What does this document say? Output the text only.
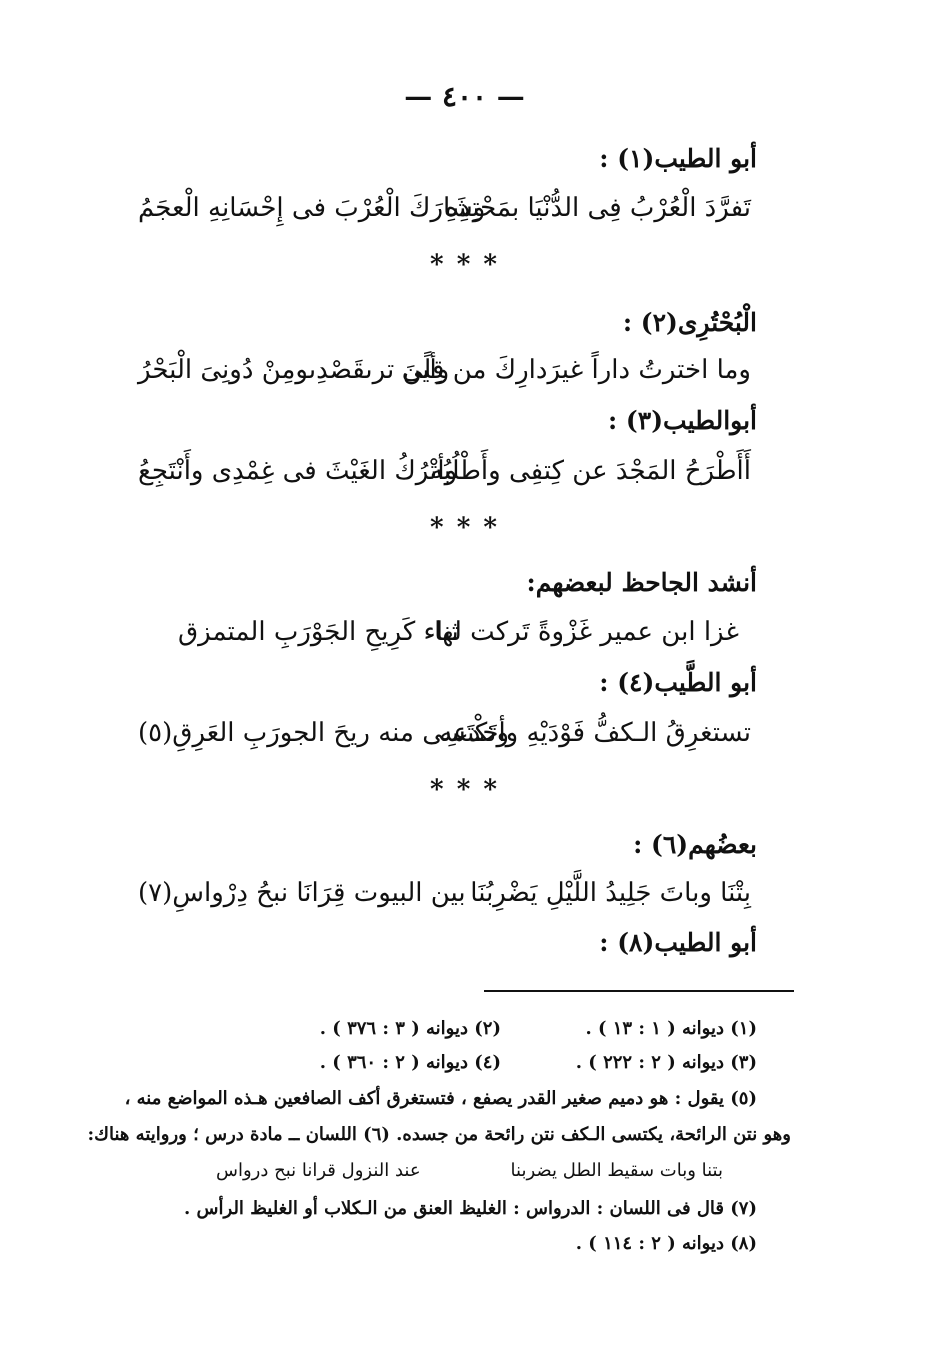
— ٤٠٠ —
أبو الطيب(١) :
تَفرَّدَ الْعُرْبُ فِى الدُّنْيَا بمَحْتِدِهِ
وشَارَكَ الْعُرْبَ فى إِحْسَانِهِ الْعجَمُ
* * *
الْبُحْتُرِى(٢) :
وما اخترتُ داراً غيرَدارِكَ من قِلًى
وأينَ ترىقَصْدِىومِنْ دُونِىَ الْبَحْرُ
أبوالطيب(٣) :
أَأَطْرَحُ المَجْدَ عن كِتفِى وأَطْلُبُه
وأتْرُكُ الغَيْثَ فى غِمْدِى وأَنْتَجِعُ
* * *
أنشد الجاحظ لبعضهم:
غزا ابن عمير غَزْوةً تَركت لها
ثناء كَرِيحِ الجَوْرَبِ المتمزق
أبو الطَّيب(٤) :
تستغرِقُ الـكفُّ فَوْدَيْهِ وأخدعه
وتَكْتَسِى منه ريحَ الجورَبِ العَرِقِ(٥)
* * *
بعضُهم(٦) :
بِتْنَا وباتَ جَلِيدُ اللَّيْلِ يَضْرِبُنَا
بين البيوت قِرَانَا نبحُ دِرْواسِ(٧)
أبو الطيب(٨) :
(١) ديوانه ( ١ : ١٣ ) .
(٢) ديوانه ( ٣ : ٣٧٦ ) .
(٣) ديوانه ( ٢ : ٢٢٢ ) .
(٤) ديوانه ( ٢ : ٣٦٠ ) .
(٥) يقول : هو دميم صغير القدر يصفع ، فتستغرق أكف الصافعين هـذه المواضع منه ،
وهو نتن الرائحة، يكتسى الـكف نتن رائحة من جسده. (٦) اللسان ــ مادة درس ؛ وروايته هناك:
بتنا وبات سقيط الطل يضربنا
عند النزول قرانا نبح درواس
(٧) قال فى اللسان : الدرواس : الغليظ العنق من الـكلاب أو الغليظ الرأس .
(٨) ديوانه ( ٢ : ١١٤ ) .
